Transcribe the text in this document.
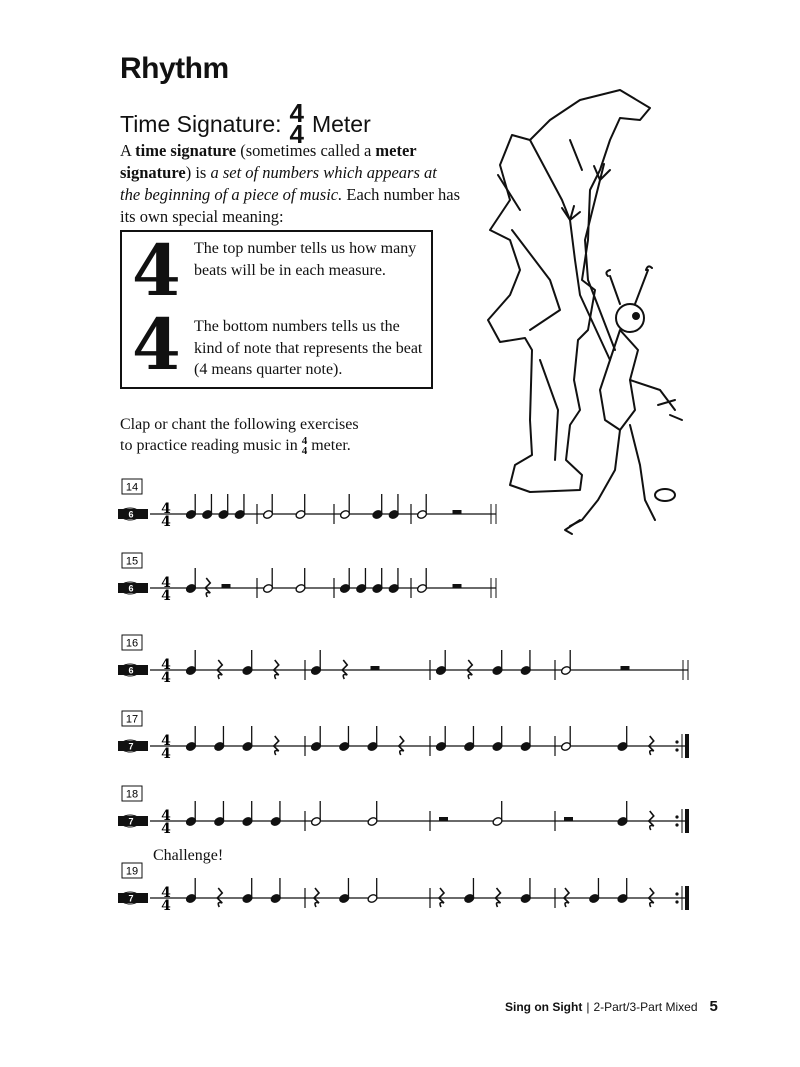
Rhythm
Time Signature: 4
4 Meter
A time signature (sometimes called a meter signature) is a set of numbers which appears at the beginning of a piece of music. Each number has its own special meaning:
4 The top number tells us how many beats will be in each measure.
4 The bottom numbers tells us the kind of note that represents the beat (4 means quarter note).
Clap or chant the following exercises
to practice reading music in 4
4 meter.
Challenge!
14
6 4
4
15
6 4
4
16
6 4
4
17
7 4
4
18
7 4
4
19
7 4
4
Sing on Sight | 2-Part/3-Part Mixed 5
